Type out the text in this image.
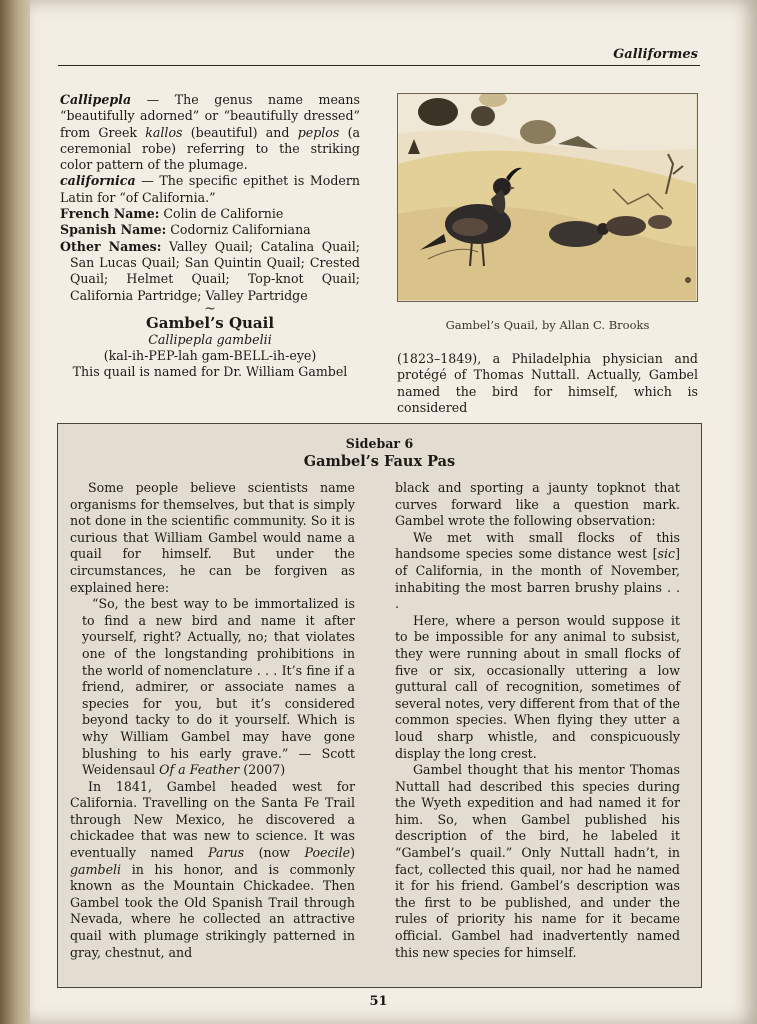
Galliformes

Callipepla — The genus name means “beautifully adorned” or “beautifully dressed” from Greek kallos (beautiful) and peplos (a ceremonial robe) referring to the striking color pattern of the plumage.

californica — The specific epithet is Modern Latin for “of California.”

French Name: Colin de Californie

Spanish Name: Codorniz Californiana

Other Names: Valley Quail; Catalina Quail; San Lucas Quail; San Quintin Quail; Crested Quail; Helmet Quail; Top-knot Quail; California Partridge; Valley Partridge

~

Gambel’s Quail

Callipepla gambelii

(kal-ih-PEP-lah gam-BELL-ih-eye)

This quail is named for Dr. William Gambel

Gambel’s Quail, by Allan C. Brooks

(1823–1849), a Philadelphia physician and protégé of Thomas Nuttall. Actually, Gambel named the bird for himself, which is considered

Sidebar 6
Gambel’s Faux Pas

Some people believe scientists name organisms for themselves, but that is simply not done in the scientific community. So it is curious that William Gambel would name a quail for himself. But under the circumstances, he can be forgiven as explained here:

“So, the best way to be immortalized is to find a new bird and name it after yourself, right? Actually, no; that violates one of the longstanding prohibitions in the world of nomenclature . . . It’s fine if a friend, admirer, or associate names a species for you, but it’s considered beyond tacky to do it yourself. Which is why William Gambel may have gone blushing to his early grave.” — Scott Weidensaul Of a Feather (2007)

In 1841, Gambel headed west for California. Travelling on the Santa Fe Trail through New Mexico, he discovered a chickadee that was new to science. It was eventually named Parus (now Poecile) gambeli in his honor, and is commonly known as the Mountain Chickadee. Then Gambel took the Old Spanish Trail through Nevada, where he collected an attractive quail with plumage strikingly patterned in gray, chestnut, and

black and sporting a jaunty topknot that curves forward like a question mark. Gambel wrote the following observation:

We met with small flocks of this handsome species some distance west [sic] of California, in the month of November, inhabiting the most barren brushy plains . . .

Here, where a person would suppose it to be impossible for any animal to subsist, they were running about in small flocks of five or six, occasionally uttering a low guttural call of recognition, sometimes of several notes, very different from that of the common species. When flying they utter a loud sharp whistle, and conspicuously display the long crest.

Gambel thought that his mentor Thomas Nuttall had described this species during the Wyeth expedition and had named it for him. So, when Gambel published his description of the bird, he labeled it “Gambel’s quail.” Only Nuttall hadn’t, in fact, collected this quail, nor had he named it for his friend. Gambel’s description was the first to be published, and under the rules of priority his name for it became official. Gambel had inadvertently named this new species for himself.

51
